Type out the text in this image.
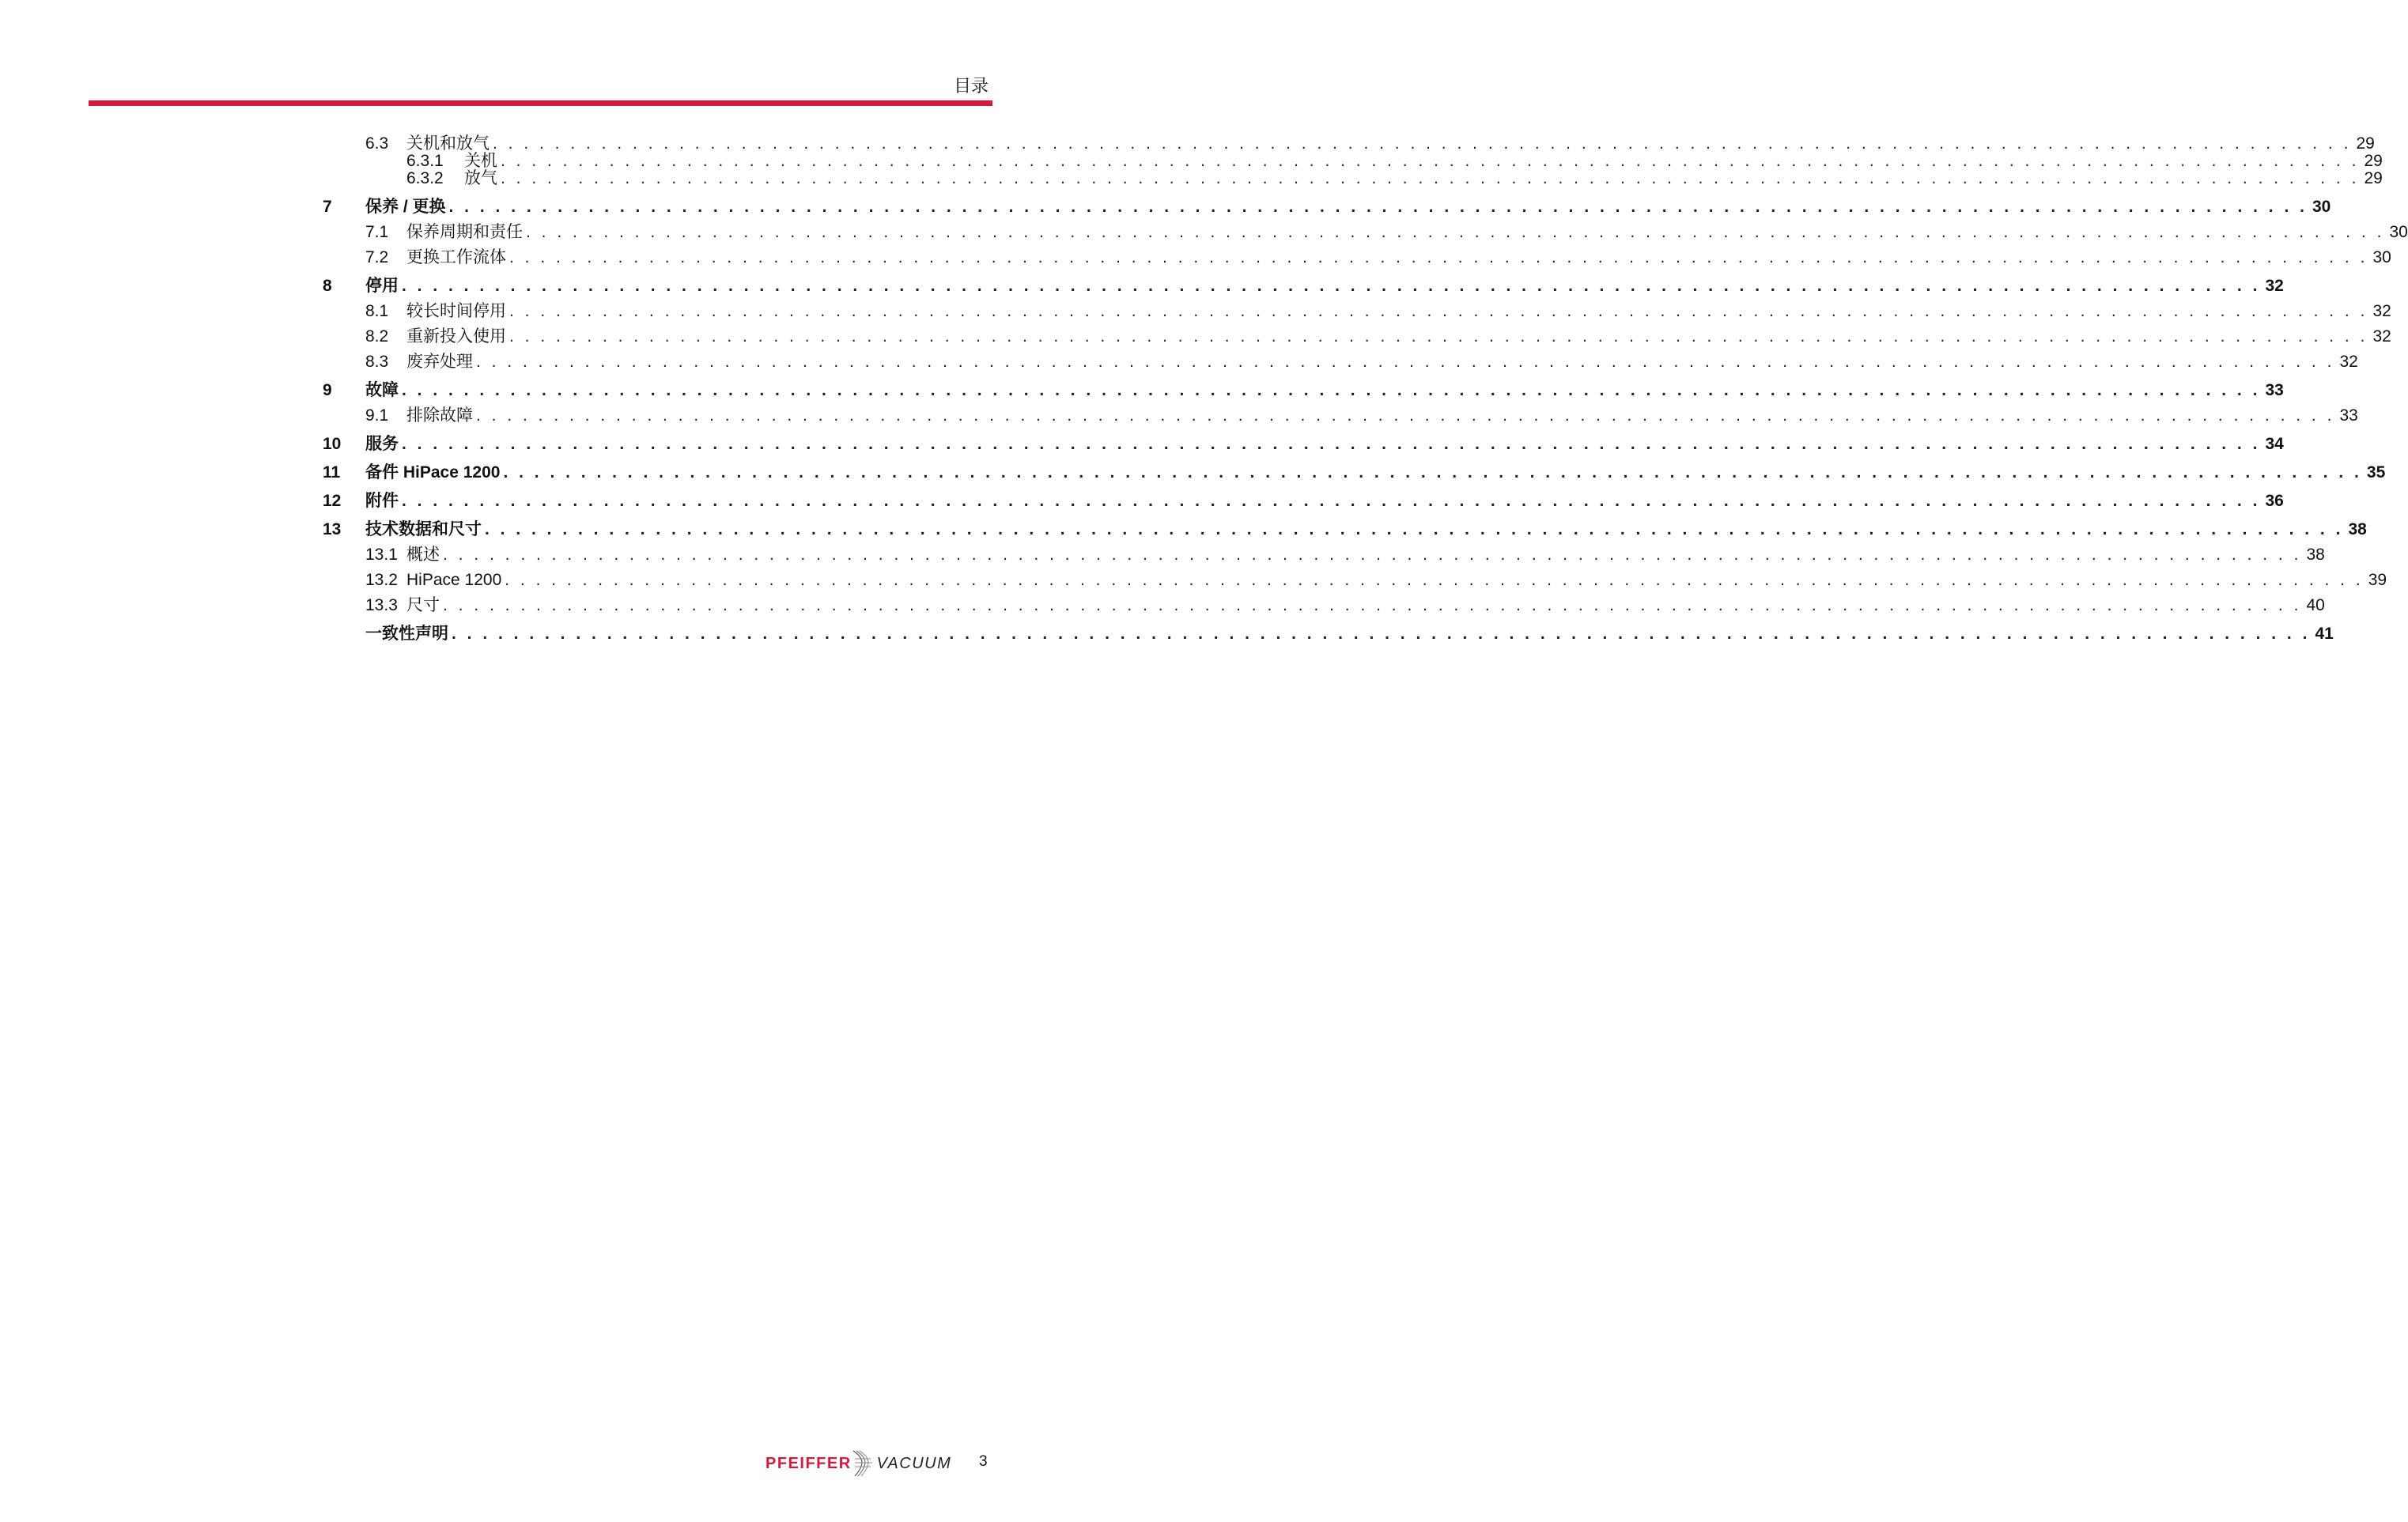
目录
6.3 关机和放气 . . . . . . . . . . . . . . . . . . . . . . . . . . . . . . . . . . . . . . . . . . . . . . . . . . . . . . . . . . . . . . . . . . . . . . . . . . . . . . . . . . . . . . . . . . . . . . . . . . . . . . . . . . . . . . . . . . . . . . . . 29
6.3.1 关机 . . . . . . . . . . . . . . . . . . . . . . . . . . . . . . . . . . . . . . . . . . . . . . . . . . . . . . . . . . . . . . . . . . . . . . . . . . . . . . . . . . . . . . . . . . . . . . . . . . . . . . . . . . . . . . . . . . . . . . . . 29
6.3.2 放气 . . . . . . . . . . . . . . . . . . . . . . . . . . . . . . . . . . . . . . . . . . . . . . . . . . . . . . . . . . . . . . . . . . . . . . . . . . . . . . . . . . . . . . . . . . . . . . . . . . . . . . . . . . . . . . . . . . . . . . . . 29
7 保养 / 更换 . . . . . . . . . . . . . . . . . . . . . . . . . . . . . . . . . . . . . . . . . . . . . . . . . . . . . . . . . . . . . . . . . . . . . . . . . . . . . . . . . . . . . . . . . . . . . . . . . . . . . . . . . . . . . . . . . . . . . . . . 30
7.1 保养周期和责任 . . . . . . . . . . . . . . . . . . . . . . . . . . . . . . . . . . . . . . . . . . . . . . . . . . . . . . . . . . . . . . . . . . . . . . . . . . . . . . . . . . . . . . . . . . . . . . . . . . . . . . . . . . . . . . . . . . . . . . . . 30
7.2 更换工作流体 . . . . . . . . . . . . . . . . . . . . . . . . . . . . . . . . . . . . . . . . . . . . . . . . . . . . . . . . . . . . . . . . . . . . . . . . . . . . . . . . . . . . . . . . . . . . . . . . . . . . . . . . . . . . . . . . . . . . . . . . 30
8 停用 . . . . . . . . . . . . . . . . . . . . . . . . . . . . . . . . . . . . . . . . . . . . . . . . . . . . . . . . . . . . . . . . . . . . . . . . . . . . . . . . . . . . . . . . . . . . . . . . . . . . . . . . . . . . . . . . . . . . . . . . 32
8.1 较长时间停用 . . . . . . . . . . . . . . . . . . . . . . . . . . . . . . . . . . . . . . . . . . . . . . . . . . . . . . . . . . . . . . . . . . . . . . . . . . . . . . . . . . . . . . . . . . . . . . . . . . . . . . . . . . . . . . . . . . . . . . . . 32
8.2 重新投入使用 . . . . . . . . . . . . . . . . . . . . . . . . . . . . . . . . . . . . . . . . . . . . . . . . . . . . . . . . . . . . . . . . . . . . . . . . . . . . . . . . . . . . . . . . . . . . . . . . . . . . . . . . . . . . . . . . . . . . . . . . 32
8.3 废弃处理 . . . . . . . . . . . . . . . . . . . . . . . . . . . . . . . . . . . . . . . . . . . . . . . . . . . . . . . . . . . . . . . . . . . . . . . . . . . . . . . . . . . . . . . . . . . . . . . . . . . . . . . . . . . . . . . . . . . . . . . . 32
9 故障 . . . . . . . . . . . . . . . . . . . . . . . . . . . . . . . . . . . . . . . . . . . . . . . . . . . . . . . . . . . . . . . . . . . . . . . . . . . . . . . . . . . . . . . . . . . . . . . . . . . . . . . . . . . . . . . . . . . . . . . . 33
9.1 排除故障 . . . . . . . . . . . . . . . . . . . . . . . . . . . . . . . . . . . . . . . . . . . . . . . . . . . . . . . . . . . . . . . . . . . . . . . . . . . . . . . . . . . . . . . . . . . . . . . . . . . . . . . . . . . . . . . . . . . . . . . . 33
10 服务 . . . . . . . . . . . . . . . . . . . . . . . . . . . . . . . . . . . . . . . . . . . . . . . . . . . . . . . . . . . . . . . . . . . . . . . . . . . . . . . . . . . . . . . . . . . . . . . . . . . . . . . . . . . . . . . . . . . . . . . . 34
11 备件 HiPace 1200 . . . . . . . . . . . . . . . . . . . . . . . . . . . . . . . . . . . . . . . . . . . . . . . . . . . . . . . . . . . . . . . . . . . . . . . . . . . . . . . . . . . . . . . . . . . . . . . . . . . . . . . . . . . . . . . . . . . . . . . . 35
12 附件 . . . . . . . . . . . . . . . . . . . . . . . . . . . . . . . . . . . . . . . . . . . . . . . . . . . . . . . . . . . . . . . . . . . . . . . . . . . . . . . . . . . . . . . . . . . . . . . . . . . . . . . . . . . . . . . . . . . . . . . . 36
13 技术数据和尺寸 . . . . . . . . . . . . . . . . . . . . . . . . . . . . . . . . . . . . . . . . . . . . . . . . . . . . . . . . . . . . . . . . . . . . . . . . . . . . . . . . . . . . . . . . . . . . . . . . . . . . . . . . . . . . . . . . . . . . . . . . 38
13.1 概述 . . . . . . . . . . . . . . . . . . . . . . . . . . . . . . . . . . . . . . . . . . . . . . . . . . . . . . . . . . . . . . . . . . . . . . . . . . . . . . . . . . . . . . . . . . . . . . . . . . . . . . . . . . . . . . . . . . . . . . . . 38
13.2 HiPace 1200 . . . . . . . . . . . . . . . . . . . . . . . . . . . . . . . . . . . . . . . . . . . . . . . . . . . . . . . . . . . . . . . . . . . . . . . . . . . . . . . . . . . . . . . . . . . . . . . . . . . . . . . . . . . . . . . . . . . . . . . . 39
13.3 尺寸 . . . . . . . . . . . . . . . . . . . . . . . . . . . . . . . . . . . . . . . . . . . . . . . . . . . . . . . . . . . . . . . . . . . . . . . . . . . . . . . . . . . . . . . . . . . . . . . . . . . . . . . . . . . . . . . . . . . . . . . . 40
一致性声明 . . . . . . . . . . . . . . . . . . . . . . . . . . . . . . . . . . . . . . . . . . . . . . . . . . . . . . . . . . . . . . . . . . . . . . . . . . . . . . . . . . . . . . . . . . . . . . . . . . . . . . . . . . . . . . . . . . . . . . . . 41
PFEIFFER VACUUM 3
